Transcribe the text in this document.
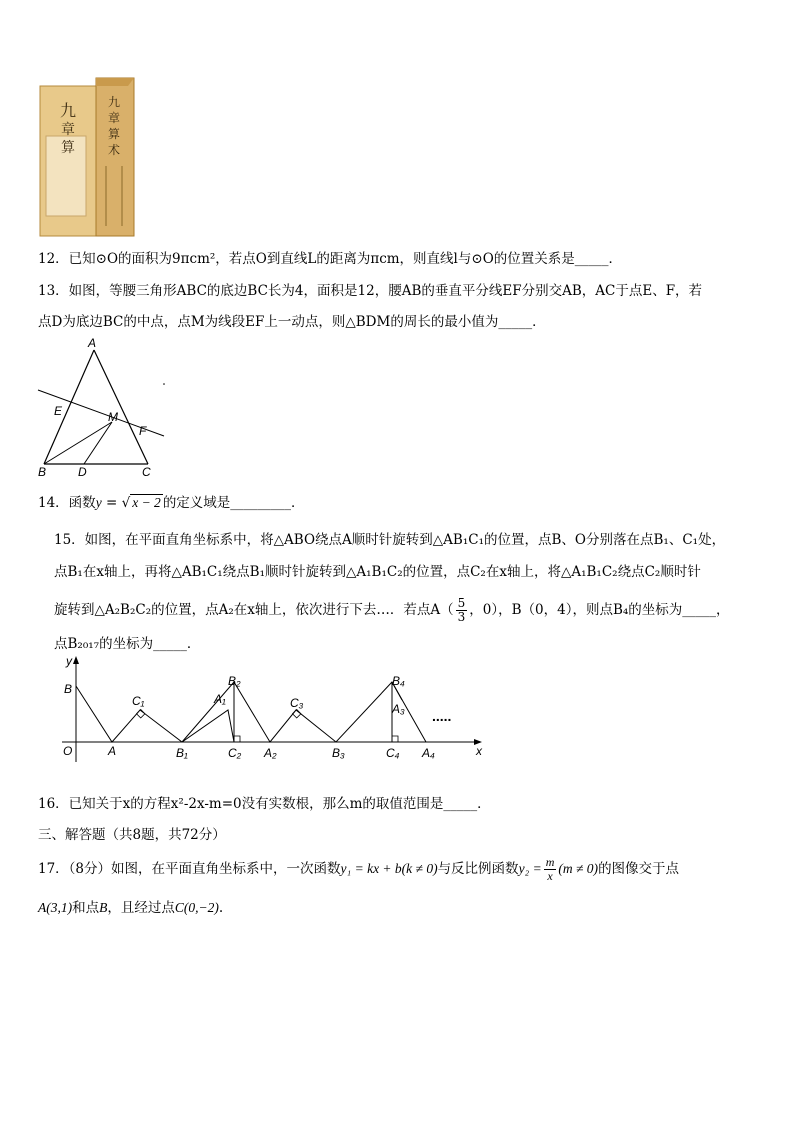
九
章
算
九
章
算
术
12．已知⊙O的面积为9πcm²，若点O到直线L的距离为πcm，则直线l与⊙O的位置关系是_____．
13．如图，等腰三角形ABC的底边BC长为4，面积是12，腰AB的垂直平分线EF分别交AB，AC于点E、F，若
点D为底边BC的中点，点M为线段EF上一动点，则△BDM的周长的最小值为_____．
A
E	M
F
B	D	C
14．函数y = √ x − 2 的定义域是_________．
15．如图，在平面直角坐标系中，将△ABO绕点A顺时针旋转到△AB₁C₁的位置，点B、O分别落在点B₁、C₁处，
点B₁在x轴上，再将△AB₁C₁绕点B₁顺时针旋转到△A₁B₁C₂的位置，点C₂在x轴上，将△A₁B₁C₂绕点C₂顺时针
旋转到△A₂B₂C₂的位置，点A₂在x轴上，依次进行下去…．若点$A( \frac{5}{3}$ ，0），B（0，4），则点B₄的坐标为_____，
点B₂₀₁₇的坐标为_____．
y
x
B
O	A
C₁
B₁
A₁
B₂
C₂ A₂
C₃
B₃
B₄
A₃
C₄ A₄
.....
16．已知关于x的方程x²-2x-m=0没有实数根，那么m的取值范围是_____．
三、解答题（共8题，共72分）
17．（8分）如图，在平面直角坐标系中，一次函数y₁ = kx + b(k ≠ 0)与反比例函数$y_2 = \frac{m}{x} (m \ne 0)$的图像交于点
A(3,1)和点B，且经过点C(0,−2).
